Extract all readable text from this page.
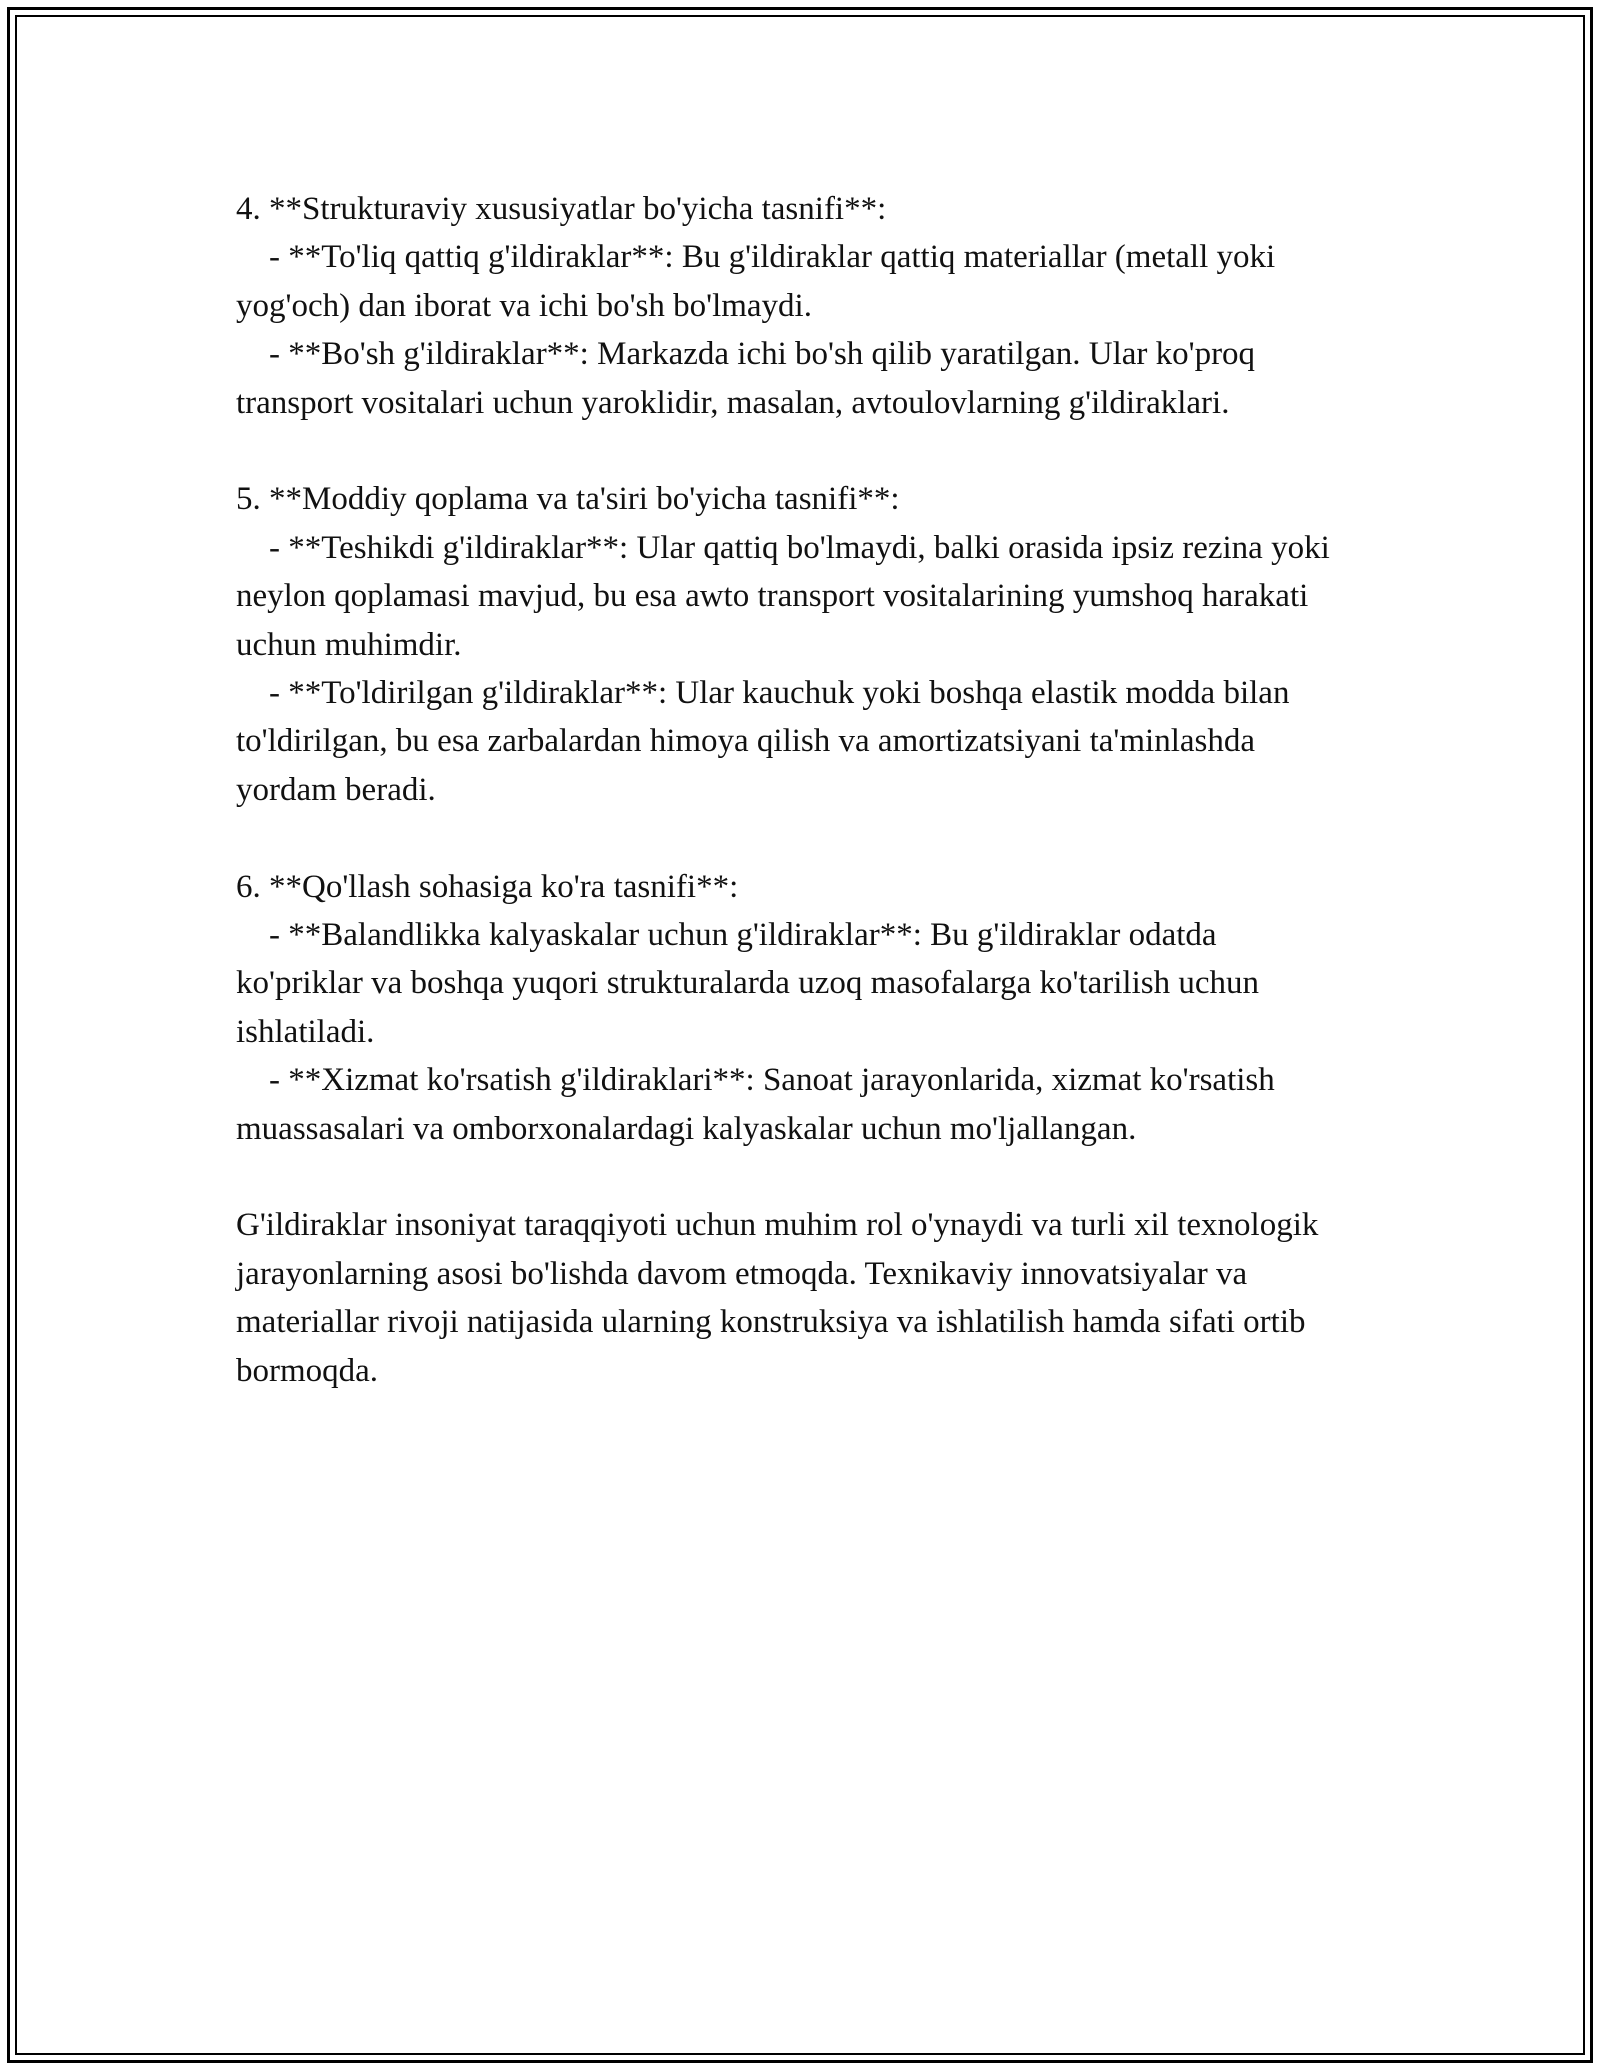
4. **Strukturaviy xususiyatlar bo'yicha tasnifi**:
- **To'liq qattiq g'ildiraklar**: Bu g'ildiraklar qattiq materiallar (metall yoki yog'och) dan iborat va ichi bo'sh bo'lmaydi.
- **Bo'sh g'ildiraklar**: Markazda ichi bo'sh qilib yaratilgan. Ular ko'proq transport vositalari uchun yaroklidir, masalan, avtoulovlarning g'ildiraklari.
5. **Moddiy qoplama va ta'siri bo'yicha tasnifi**:
- **Teshikdi g'ildiraklar**: Ular qattiq bo'lmaydi, balki orasida ipsiz rezina yoki neylon qoplamasi mavjud, bu esa awto transport vositalarining yumshoq harakati uchun muhimdir.
- **To'ldirilgan g'ildiraklar**: Ular kauchuk yoki boshqa elastik modda bilan to'ldirilgan, bu esa zarbalardan himoya qilish va amortizatsiyani ta'minlashda yordam beradi.
6. **Qo'llash sohasiga ko'ra tasnifi**:
- **Balandlikka kalyaskalar uchun g'ildiraklar**: Bu g'ildiraklar odatda ko'priklar va boshqa yuqori strukturalarda uzoq masofalarga ko'tarilish uchun ishlatiladi.
- **Xizmat ko'rsatish g'ildiraklari**: Sanoat jarayonlarida, xizmat ko'rsatish muassasalari va omborxonalardagi kalyaskalar uchun mo'ljallangan.
G'ildiraklar insoniyat taraqqiyoti uchun muhim rol o'ynaydi va turli xil texnologik jarayonlarning asosi bo'lishda davom etmoqda. Texnikaviy innovatsiyalar va materiallar rivoji natijasida ularning konstruksiya va ishlatilish hamda sifati ortib bormoqda.
